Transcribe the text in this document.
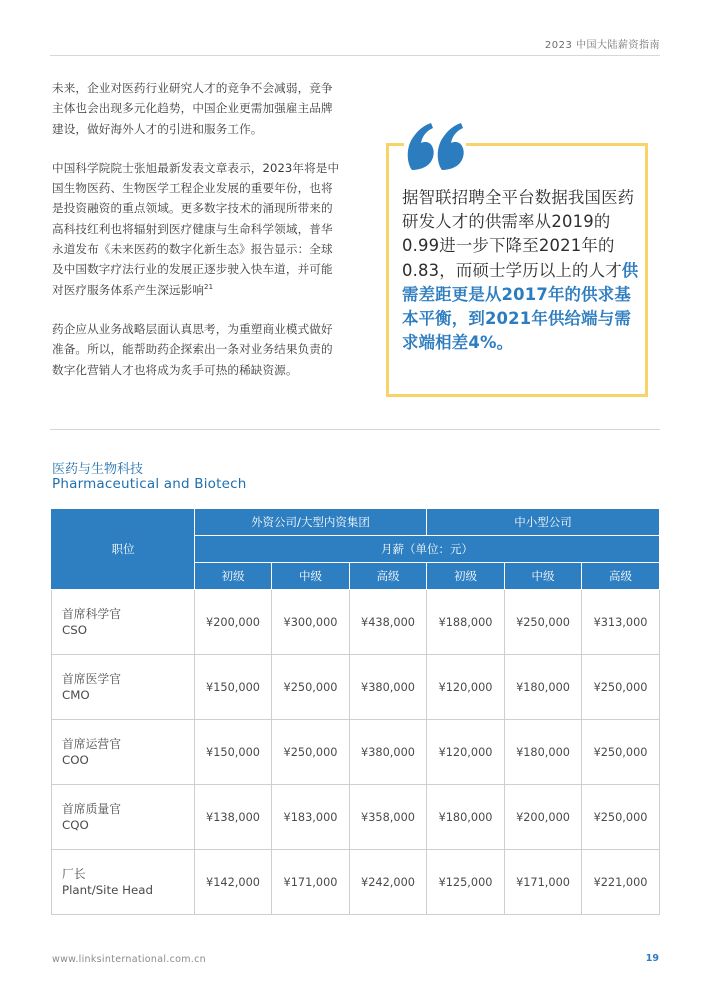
2023 中国大陆薪资指南

未来，企业对医药行业研究人才的竞争不会减弱，竞争主体也会出现多元化趋势，中国企业更需加强雇主品牌建设，做好海外人才的引进和服务工作。

中国科学院院士张旭最新发表文章表示，2023年将是中国生物医药、生物医学工程企业发展的重要年份，也将是投资融资的重点领域。更多数字技术的涌现所带来的高科技红利也将辐射到医疗健康与生命科学领域，普华永道发布《未来医药的数字化新生态》报告显示：全球及中国数字疗法行业的发展正逐步驶入快车道，并可能对医疗服务体系产生深远影响$^{21}$

药企应从业务战略层面认真思考，为重塑商业模式做好准备。所以，能帮助药企探索出一条对业务结果负责的数字化营销人才也将成为炙手可热的稀缺资源。

据智联招聘全平台数据我国医药研发人才的供需率从2019的0.99进一步下降至2021年的0.83，而硕士学历以上的人才供需差距更是从2017年的供求基本平衡，到2021年供给端与需求端相差4%。
医药与生物科技
Pharmaceutical and Biotech
职位	外资公司/大型内资集团			中小型公司		
	月薪（单位：元）					
	初级	中级	高级	初级	中级	高级
首席科学官
CSO	¥200,000	¥300,000	¥438,000	¥188,000	¥250,000	¥313,000
首席医学官
CMO	¥150,000	¥250,000	¥380,000	¥120,000	¥180,000	¥250,000
首席运营官
COO	¥150,000	¥250,000	¥380,000	¥120,000	¥180,000	¥250,000
首席质量官
CQO	¥138,000	¥183,000	¥358,000	¥180,000	¥200,000	¥250,000
厂长
Plant/Site Head	¥142,000	¥171,000	¥242,000	¥125,000	¥171,000	¥221,000
www.linksinternational.com.cn	19
